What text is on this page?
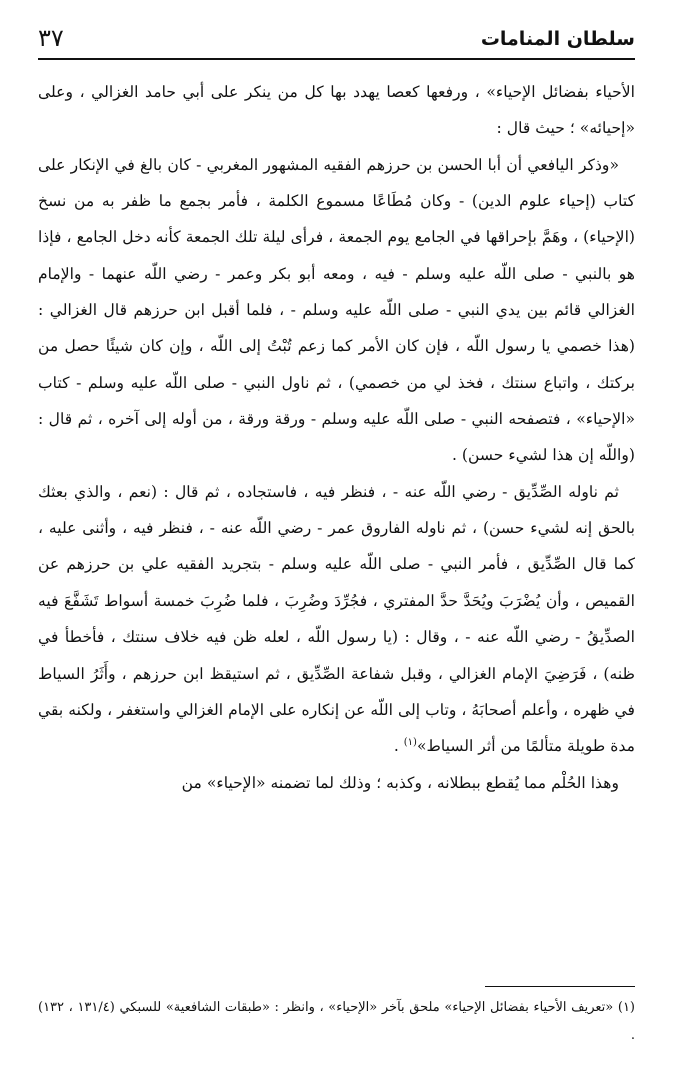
سلطان المنامات
٣٧

الأحياء بفضائل الإحياء» ، ورفعها كعصا يهدد بها كل من ينكر على أبي حامد الغزالي ، وعلى «إحيائه» ؛ حيث قال :

«وذكر اليافعي أن أبا الحسن بن حرزهم الفقيه المشهور المغربي - كان بالغ في الإنكار على كتاب (إحياء علوم الدين) - وكان مُطَاعًا مسموع الكلمة ، فأمر بجمع ما ظفر به من نسخ (الإحياء) ، وهَمَّ بإحراقها في الجامع يوم الجمعة ، فرأى ليلة تلك الجمعة كأنه دخل الجامع ، فإذا هو بالنبي - صلى اللّه عليه وسلم - فيه ، ومعه أبو بكر وعمر - رضي اللّه عنهما - والإمام الغزالي قائم بين يدي النبي - صلى اللّه عليه وسلم - ، فلما أقبل ابن حرزهم قال الغزالي : (هذا خصمي يا رسول اللّه ، فإن كان الأمر كما زعم تُبْتُ إلى اللّه ، وإن كان شيئًا حصل من بركتك ، واتباع سنتك ، فخذ لي من خصمي) ، ثم ناول النبي - صلى اللّه عليه وسلم - كتاب «الإحياء» ، فتصفحه النبي - صلى اللّه عليه وسلم - ورقة ورقة ، من أوله إلى آخره ، ثم قال : (واللّه إن هذا لشيء حسن) .

ثم ناوله الصِّدِّيق - رضي اللّه عنه - ، فنظر فيه ، فاستجاده ، ثم قال : (نعم ، والذي بعثك بالحق إنه لشيء حسن) ، ثم ناوله الفاروق عمر - رضي اللّه عنه - ، فنظر فيه ، وأثنى عليه ، كما قال الصِّدِّيق ، فأمر النبي - صلى اللّه عليه وسلم - بتجريد الفقيه علي بن حرزهم عن القميص ، وأن يُضْرَبَ ويُحَدَّ حدَّ المفتري ، فجُرِّدَ وضُرِبَ ، فلما ضُرِبَ خمسة أسواط تَشَفَّعَ فيه الصدِّيقُ - رضي اللّه عنه - ، وقال : (يا رسول اللّه ، لعله ظن فيه خلاف سنتك ، فأخطأ في ظنه) ، فَرَضِيَ الإمام الغزالي ، وقبل شفاعة الصِّدِّيق ، ثم استيقظ ابن حرزهم ، وأَثَرُ السياط في ظهره ، وأعلم أصحابَهُ ، وتاب إلى اللّه عن إنكاره على الإمام الغزالي واستغفر ، ولكنه بقي مدة طويلة متألمًا من أثر السياط»$^{(١)}$ .

وهذا الحُلْم مما يُقطع ببطلانه ، وكذبه ؛ وذلك لما تضمنه «الإحياء» من

(١) «تعريف الأحياء بفضائل الإحياء» ملحق بآخر «الإحياء» ، وانظر : «طبقات الشافعية» للسبكي (١٣١/٤ ، ١٣٢) .
